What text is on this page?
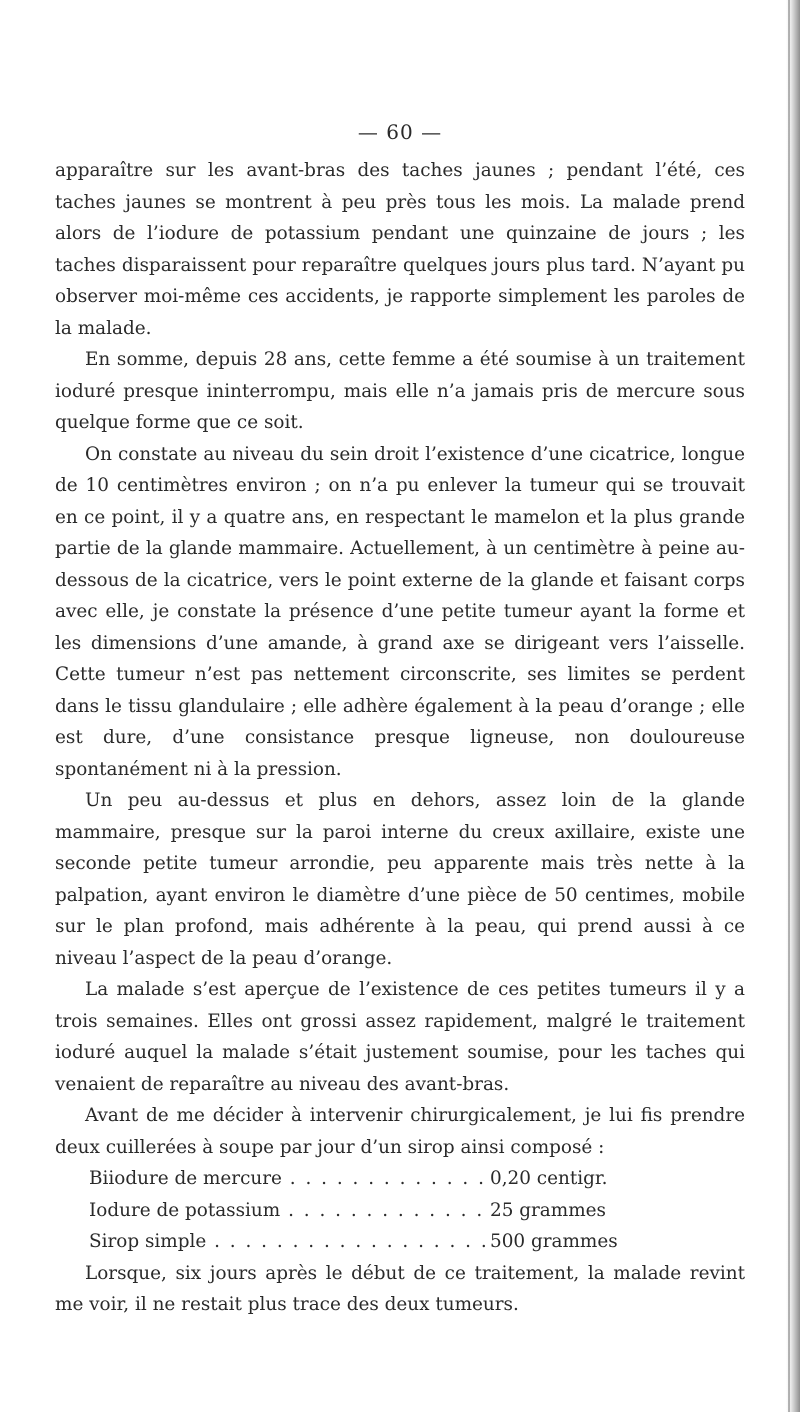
— 60 —

apparaître sur les avant-bras des taches jaunes ; pendant l’été, ces taches jaunes se montrent à peu près tous les mois. La malade prend alors de l’iodure de potassium pendant une quinzaine de jours ; les taches disparaissent pour reparaître quelques jours plus tard. N’ayant pu observer moi-même ces accidents, je rapporte simplement les paroles de la malade.

En somme, depuis 28 ans, cette femme a été soumise à un traitement ioduré presque ininterrompu, mais elle n’a jamais pris de mercure sous quelque forme que ce soit.

On constate au niveau du sein droit l’existence d’une cicatrice, longue de 10 centimètres environ ; on n’a pu enlever la tumeur qui se trouvait en ce point, il y a quatre ans, en respectant le mamelon et la plus grande partie de la glande mammaire. Actuellement, à un centimètre à peine au-dessous de la cicatrice, vers le point externe de la glande et faisant corps avec elle, je constate la présence d’une petite tumeur ayant la forme et les dimensions d’une amande, à grand axe se dirigeant vers l’aisselle. Cette tumeur n’est pas nettement circonscrite, ses limites se perdent dans le tissu glandulaire ; elle adhère également à la peau d’orange ; elle est dure, d’une consistance presque ligneuse, non douloureuse spontanément ni à la pression.

Un peu au-dessus et plus en dehors, assez loin de la glande mammaire, presque sur la paroi interne du creux axillaire, existe une seconde petite tumeur arrondie, peu apparente mais très nette à la palpation, ayant environ le diamètre d’une pièce de 50 centimes, mobile sur le plan profond, mais adhérente à la peau, qui prend aussi à ce niveau l’aspect de la peau d’orange.

La malade s’est aperçue de l’existence de ces petites tumeurs il y a trois semaines. Elles ont grossi assez rapidement, malgré le traitement ioduré auquel la malade s’était justement soumise, pour les taches qui venaient de reparaître au niveau des avant-bras.

Avant de me décider à intervenir chirurgicalement, je lui fis prendre deux cuillerées à soupe par jour d’un sirop ainsi composé :

Biiodure de mercure . . .	0,20 centigr.
Iodure de potassium . . .	25 grammes
Sirop simple . . .	500 grammes

Lorsque, six jours après le début de ce traitement, la malade revint me voir, il ne restait plus trace des deux tumeurs.
